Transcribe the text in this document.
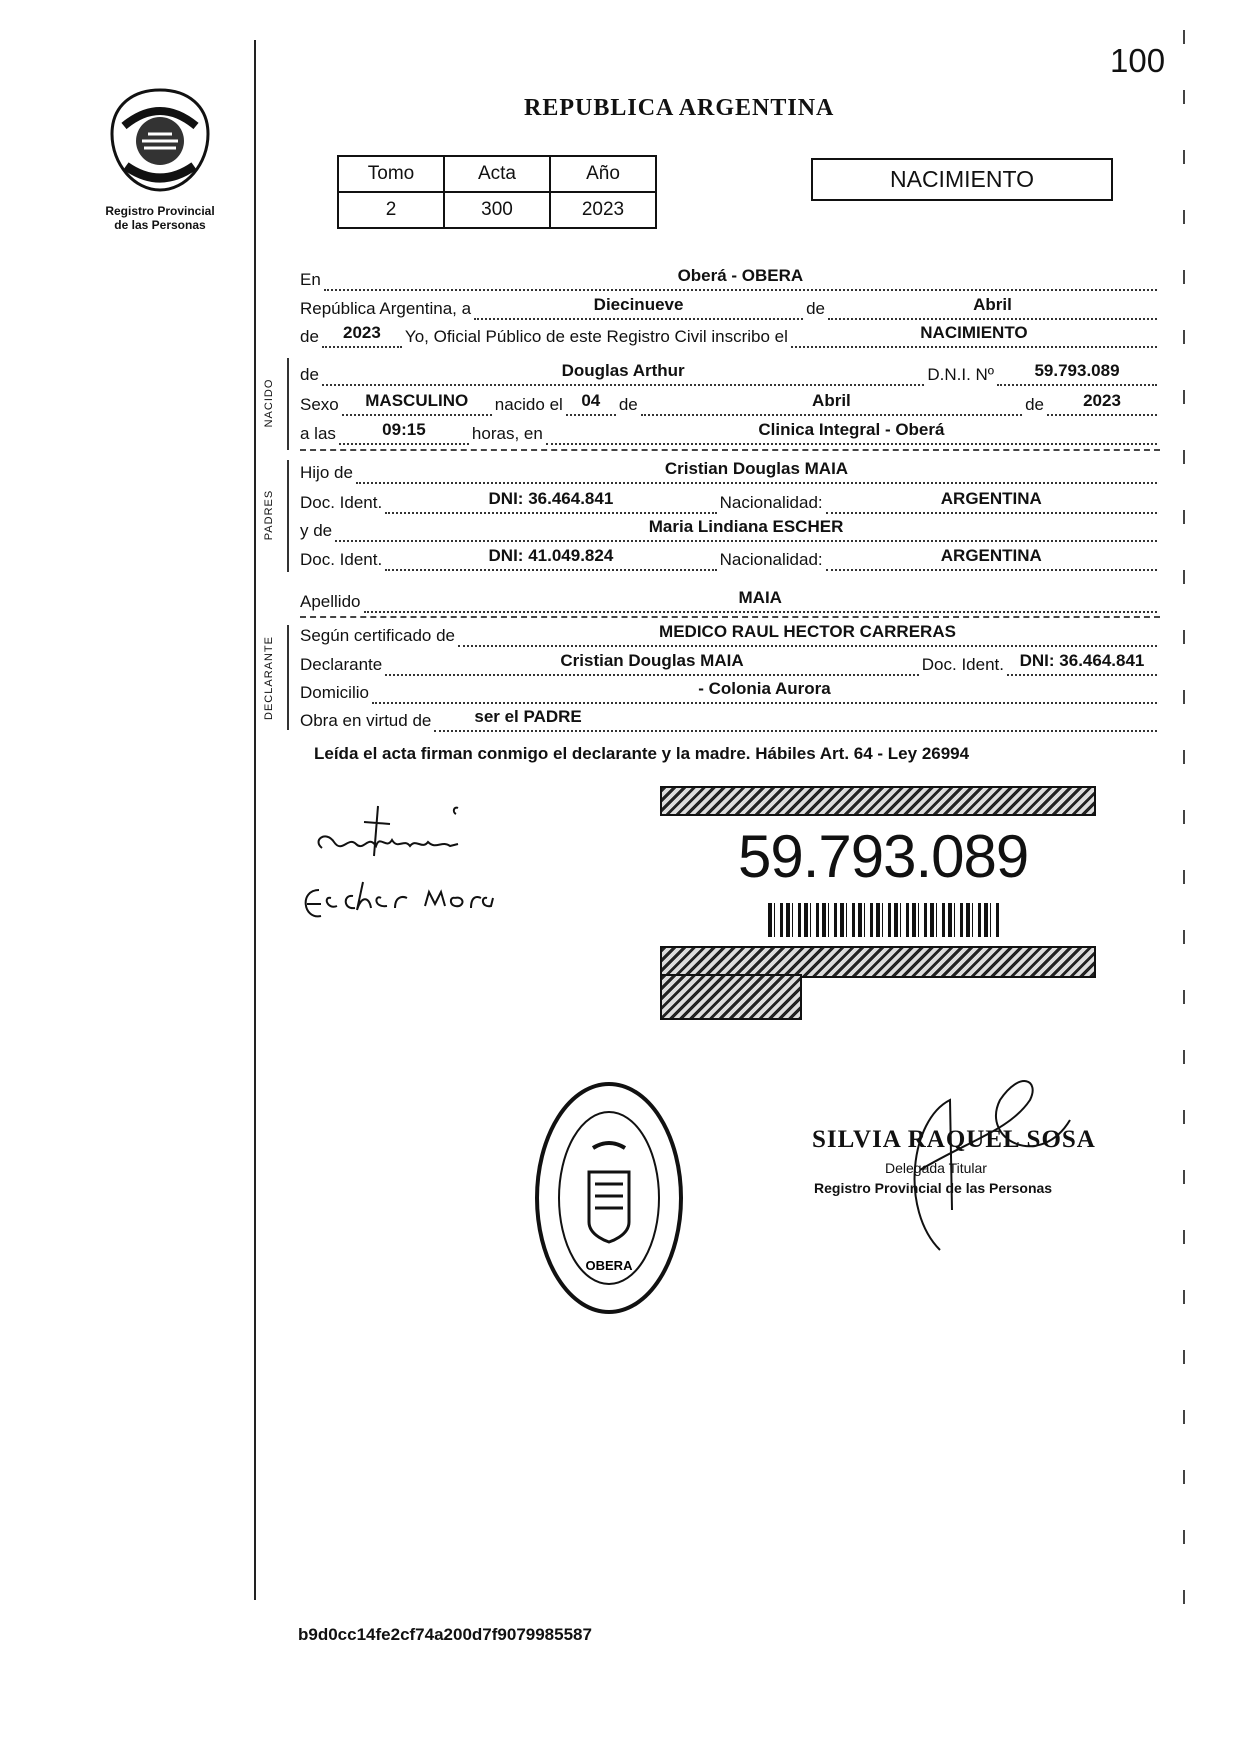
100
REPUBLICA ARGENTINA
Registro Provincial
de las Personas
Tomo	Acta	Año
2	300	2023
NACIMIENTO
En	Oberá - OBERA
República Argentina, a	Diecinueve	de	Abril
de 2023 Yo, Oficial Público de este Registro Civil inscribo el	NACIMIENTO
NACIDO
de	Douglas Arthur	D.N.I. Nº 59.793.089
Sexo MASCULINO nacido el 04 de	Abril	de 2023
a las	09:15	horas, en	Clinica Integral - Oberá
PADRES
Hijo de	Cristian Douglas MAIA
Doc. Ident.	DNI: 36.464.841	Nacionalidad:	ARGENTINA
y de	Maria Lindiana ESCHER
Doc. Ident.	DNI: 41.049.824	Nacionalidad:	ARGENTINA
Apellido	MAIA
DECLARANTE
Según certificado de	MEDICO RAUL HECTOR CARRERAS
Declarante	Cristian Douglas MAIA	Doc. Ident. DNI: 36.464.841
Domicilio	- Colonia Aurora
Obra en virtud de	ser el PADRE
Leída el acta firman conmigo el declarante y la madre. Hábiles Art. 64 - Ley 26994
59.793.089
OBERA
SILVIA RAQUEL SOSA
Delegada Titular
Registro Provincial de las Personas
b9d0cc14fe2cf74a200d7f9079985587
